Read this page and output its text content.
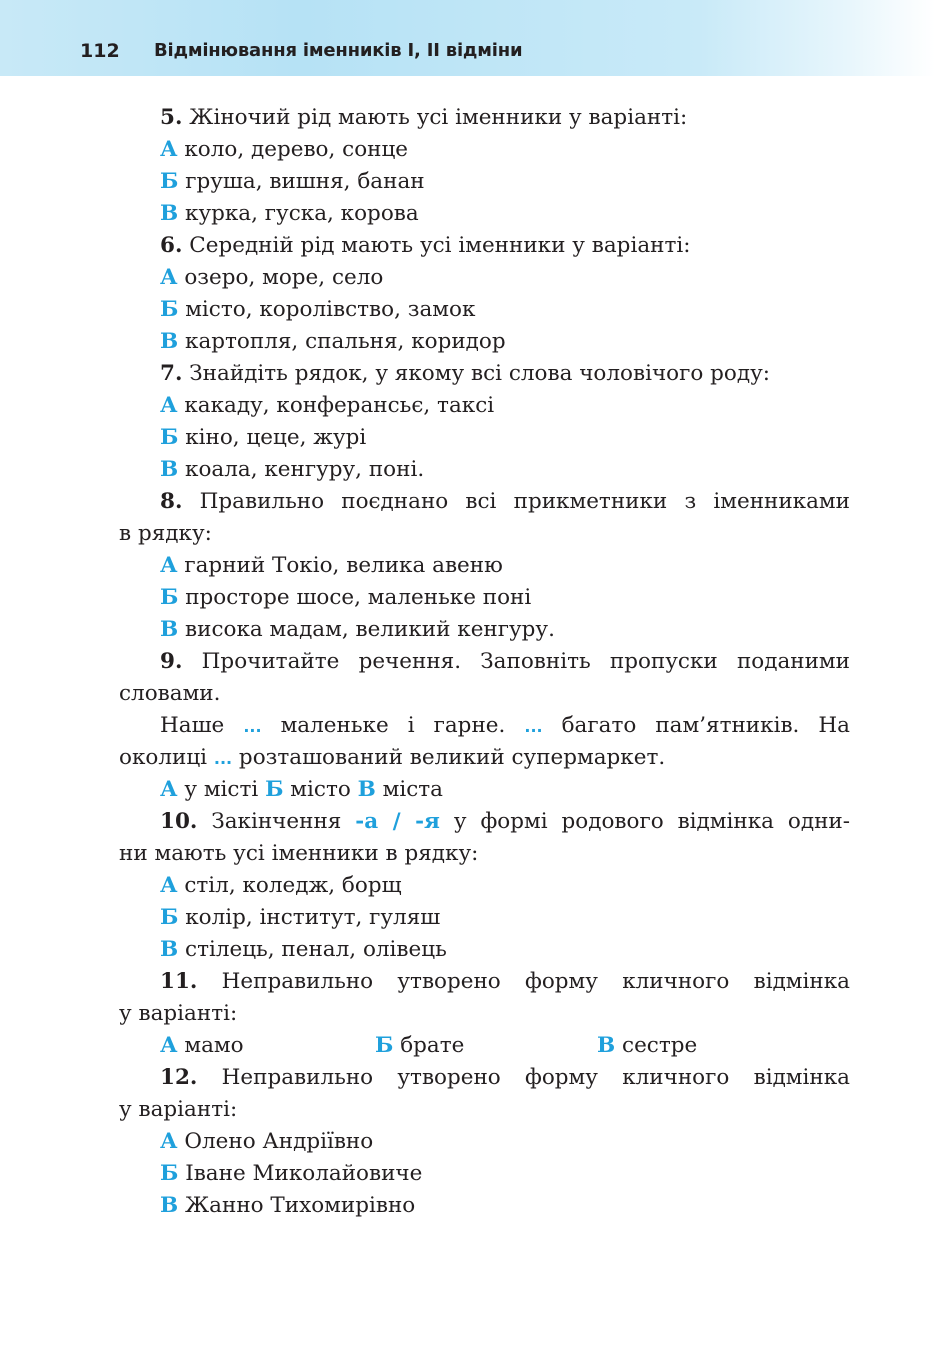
112 Відмінювання іменників І, ІІ відміни
5. Жіночий рід мають усі іменники у варіанті:
А коло, дерево, сонце
Б груша, вишня, банан
В курка, гуска, корова
6. Середній рід мають усі іменники у варіанті:
А озеро, море, село
Б місто, королівство, замок
В картопля, спальня, коридор
7. Знайдіть рядок, у якому всі слова чоловічого роду:
А какаду, конферансьє, таксі
Б кіно, цеце, журі
В коала, кенгуру, поні.
8. Правильно поєднано всі прикметники з іменниками
в рядку:
А гарний Токіо, велика авеню
Б просторе шосе, маленьке поні
В висока мадам, великий кенгуру.
9. Прочитайте речення. Заповніть пропуски поданими
словами.
Наше ... маленьке і гарне. ... багато пам’ятників. На
околиці ... розташований великий супермаркет.
А у місті Б місто В міста
10. Закінчення -а / -я у формі родового відмінка одни-
ни мають усі іменники в рядку:
А стіл, коледж, борщ
Б колір, інститут, гуляш
В стілець, пенал, олівець
11. Неправильно утворено форму кличного відмінка
у варіанті:
А мамо	Б брате	В сестре
12. Неправильно утворено форму кличного відмінка
у варіанті:
А Олено Андріївно
Б Іване Миколайовиче
В Жанно Тихомирівно
